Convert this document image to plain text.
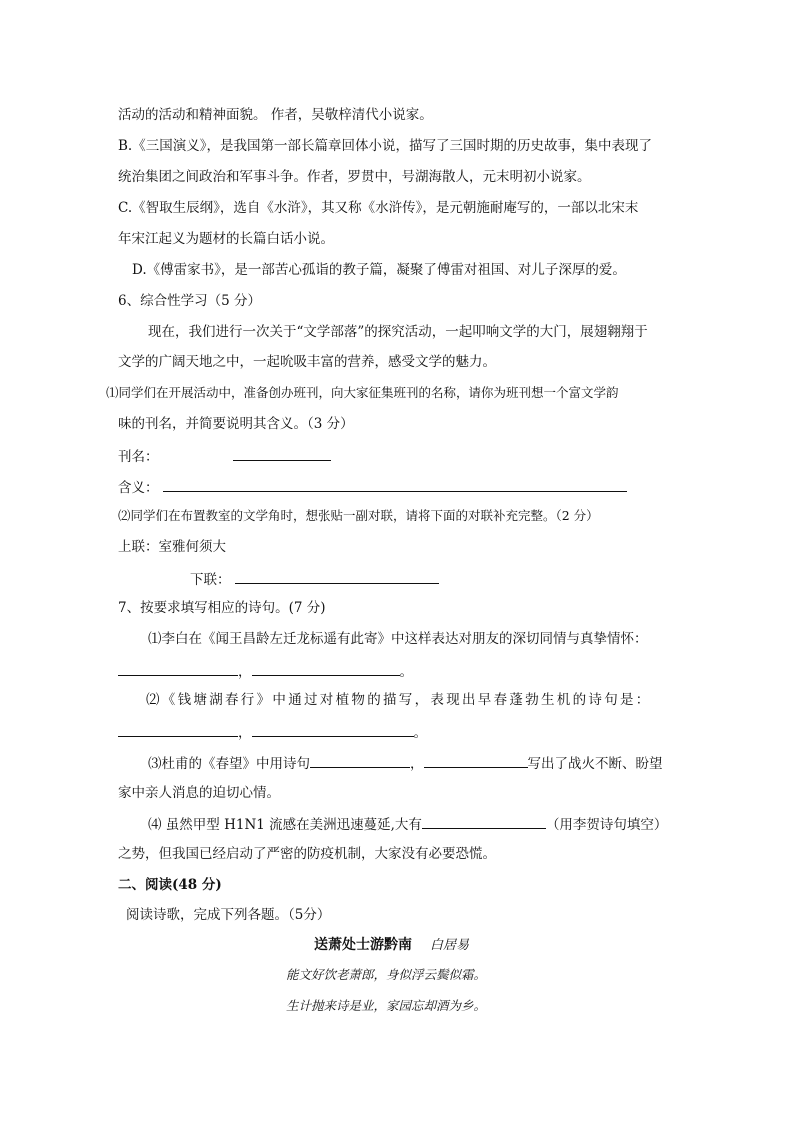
活动的活动和精神面貌。 作者，吴敬梓清代小说家。
B.《三国演义》，是我国第一部长篇章回体小说，描写了三国时期的历史故事，集中表现了
统治集团之间政治和军事斗争。作者，罗贯中，号湖海散人，元末明初小说家。
C.《智取生辰纲》，选自《水浒》，其又称《水浒传》，是元朝施耐庵写的，一部以北宋末
年宋江起义为题材的长篇白话小说。
D.《傅雷家书》，是一部苦心孤诣的教子篇，凝聚了傅雷对祖国、对儿子深厚的爱。
6、综合性学习（5 分）
现在，我们进行一次关于“文学部落”的探究活动，一起叩响文学的大门，展翅翱翔于
文学的广阔天地之中，一起吮吸丰富的营养，感受文学的魅力。
⑴同学们在开展活动中，准备创办班刊，向大家征集班刊的名称，请你为班刊想一个富文学韵
味的刊名，并简要说明其含义。（3 分）
刊名：
含义：
⑵同学们在布置教室的文学角时，想张贴一副对联，请将下面的对联补充完整。（2 分）
上联：室雅何须大
下联：
7、按要求填写相应的诗句。(7 分)
⑴李白在《闻王昌龄左迁龙标遥有此寄》中这样表达对朋友的深切同情与真挚情怀：
，	。
⑵《钱塘湖春行》中通过对植物的描写，表现出早春蓬勃生机的诗句是：
，	。
⑶杜甫的《春望》中用诗句	，	写出了战火不断、盼望
家中亲人消息的迫切心情。
⑷ 虽然甲型 H1N1 流感在美洲迅速蔓延,大有	（用李贺诗句填空）
之势，但我国已经启动了严密的防疫机制，大家没有必要恐慌。
二、阅读(48 分)
阅读诗歌，完成下列各题。（5分）
送萧处士游黔南 白居易
能文好饮老萧郎，身似浮云鬓似霜。
生计抛来诗是业，家园忘却酒为乡。
